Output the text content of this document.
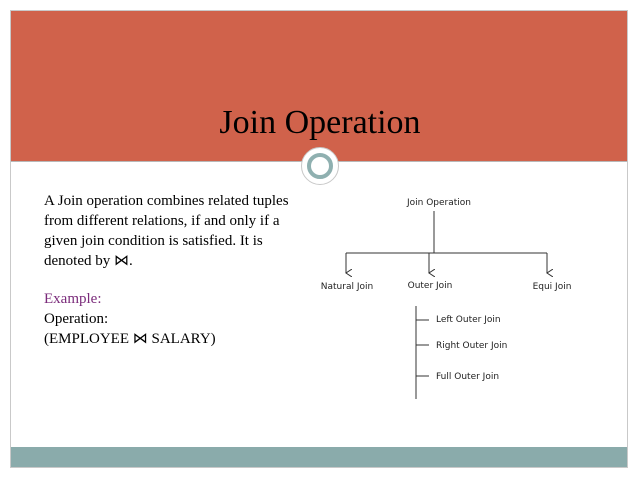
Join Operation

A Join operation combines related tuples from different relations, if and only if a given join condition is satisfied. It is denoted by ⋈.

Example:

Operation:

(EMPLOYEE ⋈ SALARY)

Join Operation
Natural Join	Outer Join	Equi Join
Left Outer Join
Right Outer Join
Full Outer Join
